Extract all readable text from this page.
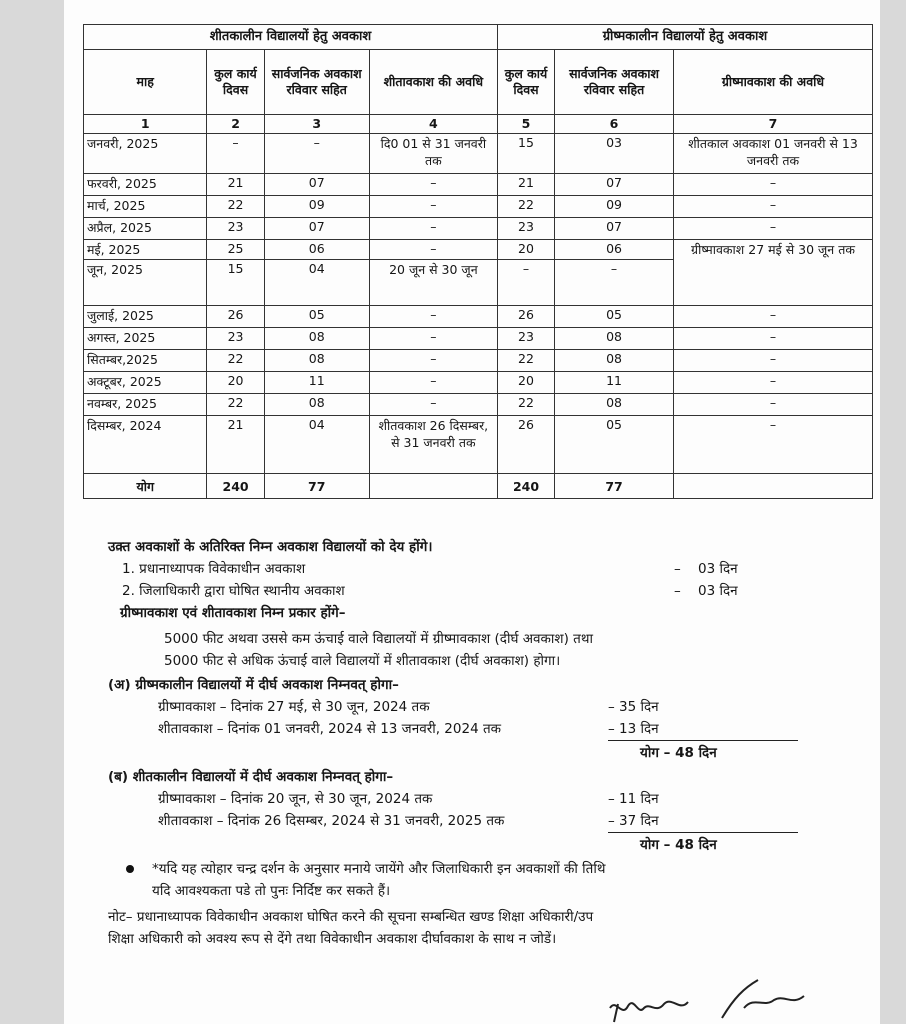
शीतकालीन विद्यालयों हेतु अवकाश				ग्रीष्मकालीन विद्यालयों हेतु अवकाश		
माह	कुल कार्य दिवस	सार्वजनिक अवकाश रविवार सहित	शीतावकाश की अवधि	कुल कार्य दिवस	सार्वजनिक अवकाश रविवार सहित	ग्रीष्मावकाश की अवधि
1	2	3	4	5	6	7
जनवरी, 2025	–	–	दि0 01 से 31 जनवरी तक	15	03	शीतकाल अवकाश 01 जनवरी से 13 जनवरी तक
फरवरी, 2025	21	07	–	21	07	–
मार्च, 2025	22	09	–	22	09	–
अप्रैल, 2025	23	07	–	23	07	–
मई, 2025	25	06	–	20	06	ग्रीष्मावकाश 27 मई से 30 जून तक
जून, 2025	15	04	20 जून से 30 जून	–	–	
जुलाई, 2025	26	05	–	26	05	–
अगस्त, 2025	23	08	–	23	08	–
सितम्बर,2025	22	08	–	22	08	–
अक्टूबर, 2025	20	11	–	20	11	–
नवम्बर, 2025	22	08	–	22	08	–
दिसम्बर, 2024	21	04	शीतवकाश 26 दिसम्बर, से 31 जनवरी तक	26	05	–
योग	240	77		240	77	
उक्त अवकाशों के अतिरिक्त निम्न अवकाश विद्यालयों को देय होंगे।
1. प्रधानाध्यापक विवेकाधीन अवकाश	– 03 दिन
2. जिलाधिकारी द्वारा घोषित स्थानीय अवकाश	– 03 दिन
ग्रीष्मावकाश एवं शीतावकाश निम्न प्रकार होंगे–
5000 फीट अथवा उससे कम ऊंचाई वाले विद्यालयों में ग्रीष्मावकाश (दीर्घ अवकाश) तथा
5000 फीट से अधिक ऊंचाई वाले विद्यालयों में शीतावकाश (दीर्घ अवकाश) होगा।
(अ) ग्रीष्मकालीन विद्यालयों में दीर्घ अवकाश निम्नवत् होगा–
ग्रीष्मावकाश – दिनांक 27 मई, से 30 जून, 2024 तक	– 35 दिन
शीतावकाश – दिनांक 01 जनवरी, 2024 से 13 जनवरी, 2024 तक	– 13 दिन
योग – 48 दिन
(ब) शीतकालीन विद्यालयों में दीर्घ अवकाश निम्नवत् होगा–
ग्रीष्मावकाश – दिनांक 20 जून, से 30 जून, 2024 तक	– 11 दिन
शीतावकाश – दिनांक 26 दिसम्बर, 2024 से 31 जनवरी, 2025 तक	– 37 दिन
योग – 48 दिन
*यदि यह त्योहार चन्द्र दर्शन के अनुसार मनाये जायेंगे और जिलाधिकारी इन अवकाशों की तिथि
यदि आवश्यकता पडे तो पुनः निर्दिष्ट कर सकते हैं।
नोट– प्रधानाध्यापक विवेकाधीन अवकाश घोषित करने की सूचना सम्बन्धित खण्ड शिक्षा अधिकारी/उप
शिक्षा अधिकारी को अवश्य रूप से देंगे तथा विवेकाधीन अवकाश दीर्घावकाश के साथ न जोडें।
